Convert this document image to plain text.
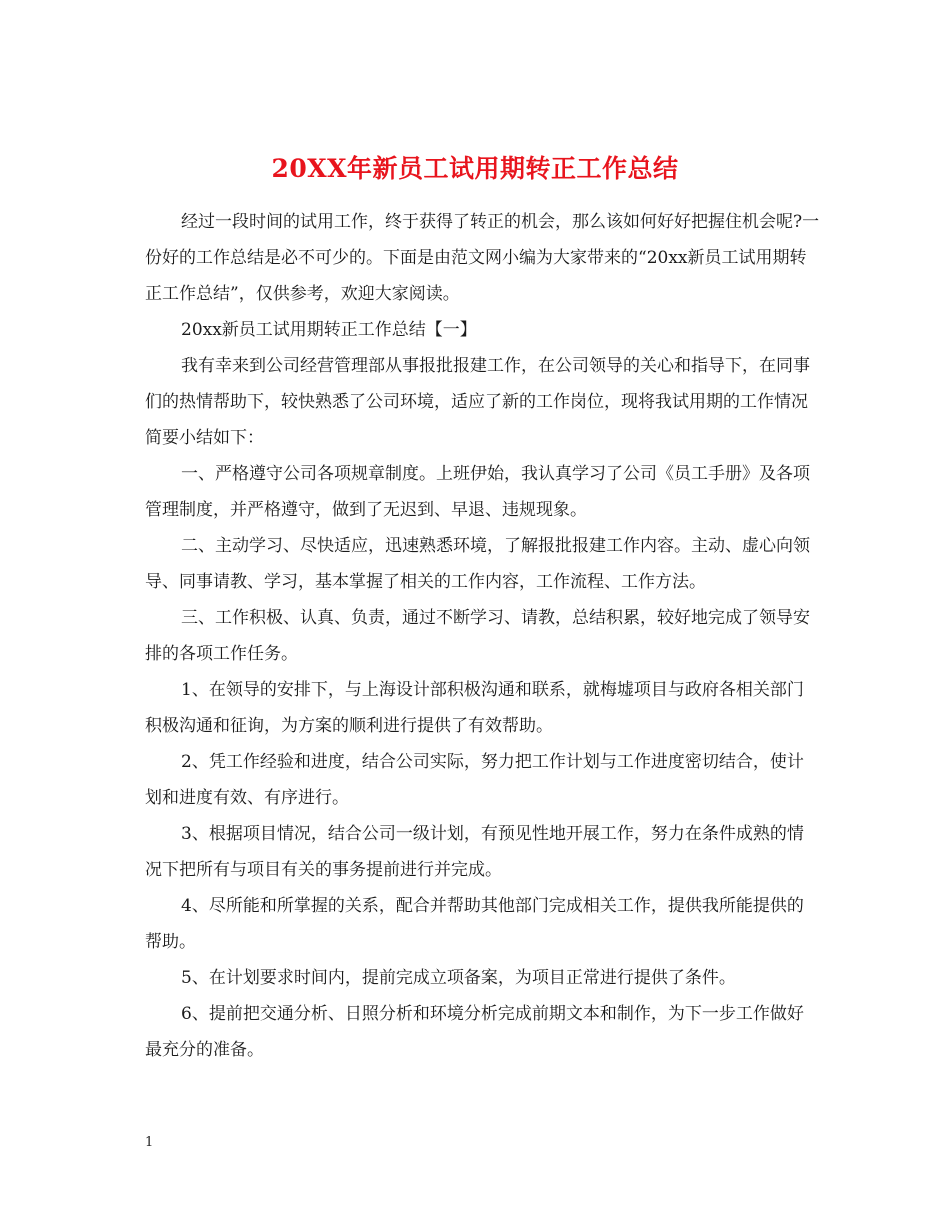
20XX年新员工试用期转正工作总结

经过一段时间的试用工作，终于获得了转正的机会，那么该如何好好把握住机会呢?一份好的工作总结是必不可少的。下面是由范文网小编为大家带来的“20xx新员工试用期转正工作总结”，仅供参考，欢迎大家阅读。

20xx新员工试用期转正工作总结【一】

我有幸来到公司经营管理部从事报批报建工作，在公司领导的关心和指导下，在同事们的热情帮助下，较快熟悉了公司环境，适应了新的工作岗位，现将我试用期的工作情况简要小结如下：

一、严格遵守公司各项规章制度。上班伊始，我认真学习了公司《员工手册》及各项管理制度，并严格遵守，做到了无迟到、早退、违规现象。

二、主动学习、尽快适应，迅速熟悉环境，了解报批报建工作内容。主动、虚心向领导、同事请教、学习，基本掌握了相关的工作内容，工作流程、工作方法。

三、工作积极、认真、负责，通过不断学习、请教，总结积累，较好地完成了领导安排的各项工作任务。

1、在领导的安排下，与上海设计部积极沟通和联系，就梅墟项目与政府各相关部门积极沟通和征询，为方案的顺利进行提供了有效帮助。

2、凭工作经验和进度，结合公司实际，努力把工作计划与工作进度密切结合，使计划和进度有效、有序进行。

3、根据项目情况，结合公司一级计划，有预见性地开展工作，努力在条件成熟的情况下把所有与项目有关的事务提前进行并完成。

4、尽所能和所掌握的关系，配合并帮助其他部门完成相关工作，提供我所能提供的帮助。

5、在计划要求时间内，提前完成立项备案，为项目正常进行提供了条件。

6、提前把交通分析、日照分析和环境分析完成前期文本和制作，为下一步工作做好最充分的准备。

1
